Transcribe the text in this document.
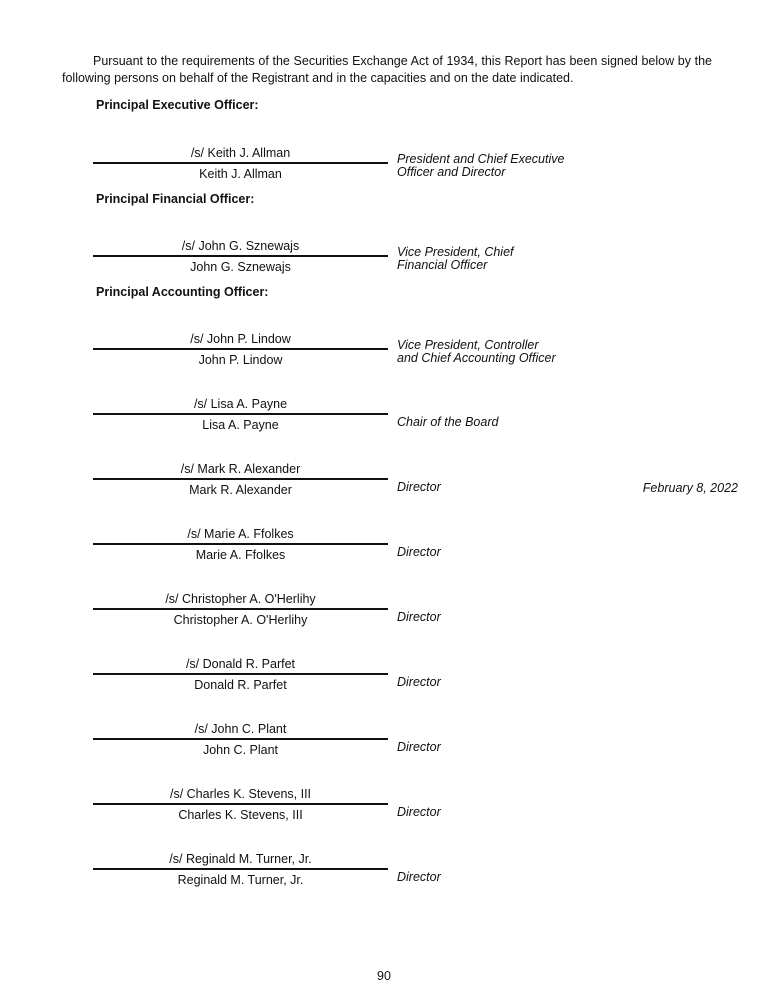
Pursuant to the requirements of the Securities Exchange Act of 1934, this Report has been signed below by the following persons on behalf of the Registrant and in the capacities and on the date indicated.

Principal Executive Officer:
/s/ Keith J. Allman
Keith J. Allman
President and Chief Executive
Officer and Director
Principal Financial Officer:
/s/ John G. Sznewajs
John G. Sznewajs
Vice President, Chief
Financial Officer
Principal Accounting Officer:
/s/ John P. Lindow
John P. Lindow
Vice President, Controller
and Chief Accounting Officer
/s/ Lisa A. Payne
Lisa A. Payne	Chair of the Board
/s/ Mark R. Alexander
Mark R. Alexander	Director	February 8, 2022
/s/ Marie A. Ffolkes
Marie A. Ffolkes	Director
/s/ Christopher A. O'Herlihy
Christopher A. O'Herlihy	Director
/s/ Donald R. Parfet
Donald R. Parfet	Director
/s/ John C. Plant
John C. Plant	Director
/s/ Charles K. Stevens, III
Charles K. Stevens, III	Director
/s/ Reginald M. Turner, Jr.
Reginald M. Turner, Jr.	Director
90
